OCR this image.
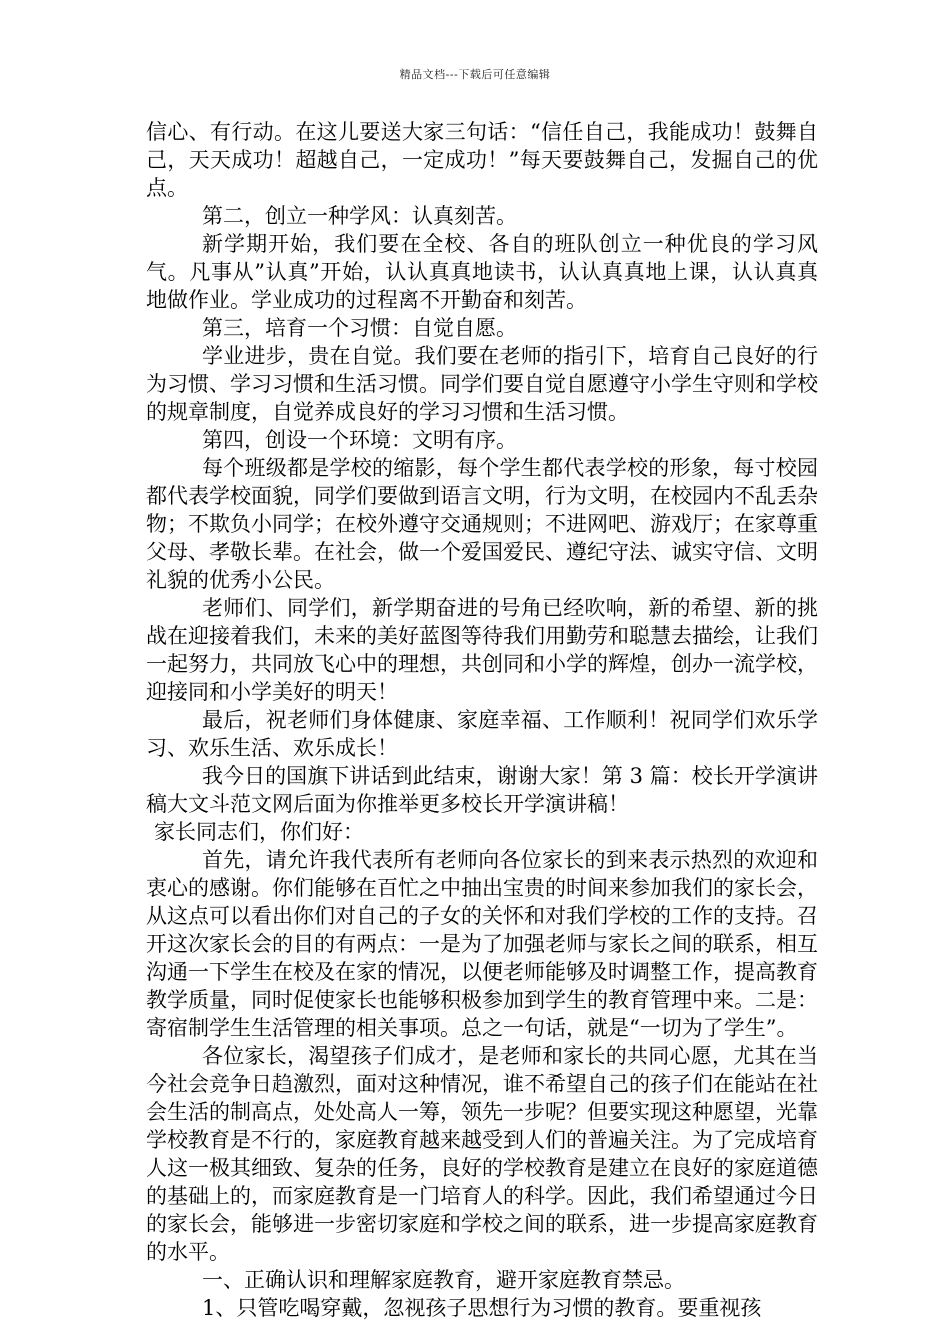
精品文档---下载后可任意编辑

信心、有行动。在这儿要送大家三句话：“信任自己，我能成功！鼓舞自己，天天成功！超越自己，一定成功！”每天要鼓舞自己，发掘自己的优点。

第二，创立一种学风：认真刻苦。

新学期开始，我们要在全校、各自的班队创立一种优良的学习风气。凡事从”认真”开始，认认真真地读书，认认真真地上课，认认真真地做作业。学业成功的过程离不开勤奋和刻苦。

第三，培育一个习惯：自觉自愿。

学业进步，贵在自觉。我们要在老师的指引下，培育自己良好的行为习惯、学习习惯和生活习惯。同学们要自觉自愿遵守小学生守则和学校的规章制度，自觉养成良好的学习习惯和生活习惯。

第四，创设一个环境：文明有序。

每个班级都是学校的缩影，每个学生都代表学校的形象，每寸校园都代表学校面貌，同学们要做到语言文明，行为文明，在校园内不乱丢杂物；不欺负小同学；在校外遵守交通规则；不进网吧、游戏厅；在家尊重父母、孝敬长辈。在社会，做一个爱国爱民、遵纪守法、诚实守信、文明礼貌的优秀小公民。

老师们、同学们，新学期奋进的号角已经吹响，新的希望、新的挑战在迎接着我们，未来的美好蓝图等待我们用勤劳和聪慧去描绘，让我们一起努力，共同放飞心中的理想，共创同和小学的辉煌，创办一流学校，迎接同和小学美好的明天！

最后，祝老师们身体健康、家庭幸福、工作顺利！祝同学们欢乐学习、欢乐生活、欢乐成长！

我今日的国旗下讲话到此结束，谢谢大家！第 3 篇：校长开学演讲稿大文斗范文网后面为你推举更多校长开学演讲稿！

家长同志们，你们好：

首先，请允许我代表所有老师向各位家长的到来表示热烈的欢迎和衷心的感谢。你们能够在百忙之中抽出宝贵的时间来参加我们的家长会，从这点可以看出你们对自己的子女的关怀和对我们学校的工作的支持。召开这次家长会的目的有两点：一是为了加强老师与家长之间的联系，相互沟通一下学生在校及在家的情况，以便老师能够及时调整工作，提高教育教学质量，同时促使家长也能够积极参加到学生的教育管理中来。二是：寄宿制学生生活管理的相关事项。总之一句话，就是“一切为了学生”。

各位家长，渴望孩子们成才，是老师和家长的共同心愿，尤其在当今社会竞争日趋激烈，面对这种情况，谁不希望自己的孩子们在能站在社会生活的制高点，处处高人一筹，领先一步呢？但要实现这种愿望，光靠学校教育是不行的，家庭教育越来越受到人们的普遍关注。为了完成培育人这一极其细致、复杂的任务，良好的学校教育是建立在良好的家庭道德的基础上的，而家庭教育是一门培育人的科学。因此，我们希望通过今日的家长会，能够进一步密切家庭和学校之间的联系，进一步提高家庭教育的水平。

一、正确认识和理解家庭教育，避开家庭教育禁忌。

1、只管吃喝穿戴，忽视孩子思想行为习惯的教育。要重视孩
